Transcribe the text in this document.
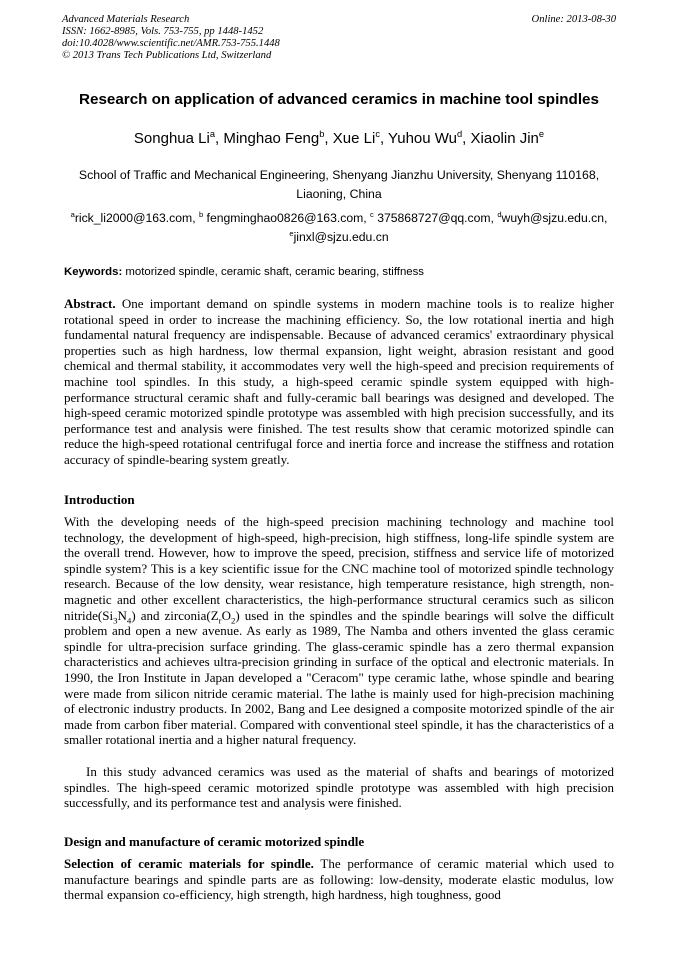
Advanced Materials Research
ISSN: 1662-8985, Vols. 753-755, pp 1448-1452
doi:10.4028/www.scientific.net/AMR.753-755.1448
© 2013 Trans Tech Publications Ltd, Switzerland
Online: 2013-08-30
Research on application of advanced ceramics in machine tool spindles
Songhua Li$^a$, Minghao Feng$^b$, Xue Li$^c$, Yuhou Wu$^d$, Xiaolin Jin$^e$
School of Traffic and Mechanical Engineering, Shenyang Jianzhu University, Shenyang 110168,
Liaoning, China
$^a$rick_li2000@163.com, $^b$ fengminghao0826@163.com, $^c$ 375868727@qq.com, $^d$wuyh@sjzu.edu.cn,
$^e$jinxl@sjzu.edu.cn
Keywords: motorized spindle, ceramic shaft, ceramic bearing, stiffness
Abstract. One important demand on spindle systems in modern machine tools is to realize higher rotational speed in order to increase the machining efficiency. So, the low rotational inertia and high fundamental natural frequency are indispensable. Because of advanced ceramics' extraordinary physical properties such as high hardness, low thermal expansion, light weight, abrasion resistant and good chemical and thermal stability, it accommodates very well the high-speed and precision requirements of machine tool spindles. In this study, a high-speed ceramic spindle system equipped with high-performance structural ceramic shaft and fully-ceramic ball bearings was designed and developed. The high-speed ceramic motorized spindle prototype was assembled with high precision successfully, and its performance test and analysis were finished. The test results show that ceramic motorized spindle can reduce the high-speed rotational centrifugal force and inertia force and increase the stiffness and rotation accuracy of spindle-bearing system greatly.
Introduction
With the developing needs of the high-speed precision machining technology and machine tool technology, the development of high-speed, high-precision, high stiffness, long-life spindle system are the overall trend. However, how to improve the speed, precision, stiffness and service life of motorized spindle system? This is a key scientific issue for the CNC machine tool of motorized spindle technology research. Because of the low density, wear resistance, high temperature resistance, high strength, non-magnetic and other excellent characteristics, the high-performance structural ceramics such as silicon $nitride(Si_3N_4)$ and $zirconia(Z_rO_2)$ used in the spindles and the spindle bearings will solve the difficult problem and open a new avenue. As early as 1989, The Namba and others invented the glass ceramic spindle for ultra-precision surface grinding. The glass-ceramic spindle has a zero thermal expansion characteristics and achieves ultra-precision grinding in surface of the optical and electronic materials. In 1990, the Iron Institute in Japan developed a "Ceracom" type ceramic lathe, whose spindle and bearing were made from silicon nitride ceramic material. The lathe is mainly used for high-precision machining of electronic industry products. In 2002, Bang and Lee designed a composite motorized spindle of the air made from carbon fiber material. Compared with conventional steel spindle, it has the characteristics of a smaller rotational inertia and a higher natural frequency.
In this study advanced ceramics was used as the material of shafts and bearings of motorized spindles. The high-speed ceramic motorized spindle prototype was assembled with high precision successfully, and its performance test and analysis were finished.
Design and manufacture of ceramic motorized spindle
Selection of ceramic materials for spindle. The performance of ceramic material which used to manufacture bearings and spindle parts are as following: low-density, moderate elastic modulus, low thermal expansion co-efficiency, high strength, high hardness, high toughness, good
